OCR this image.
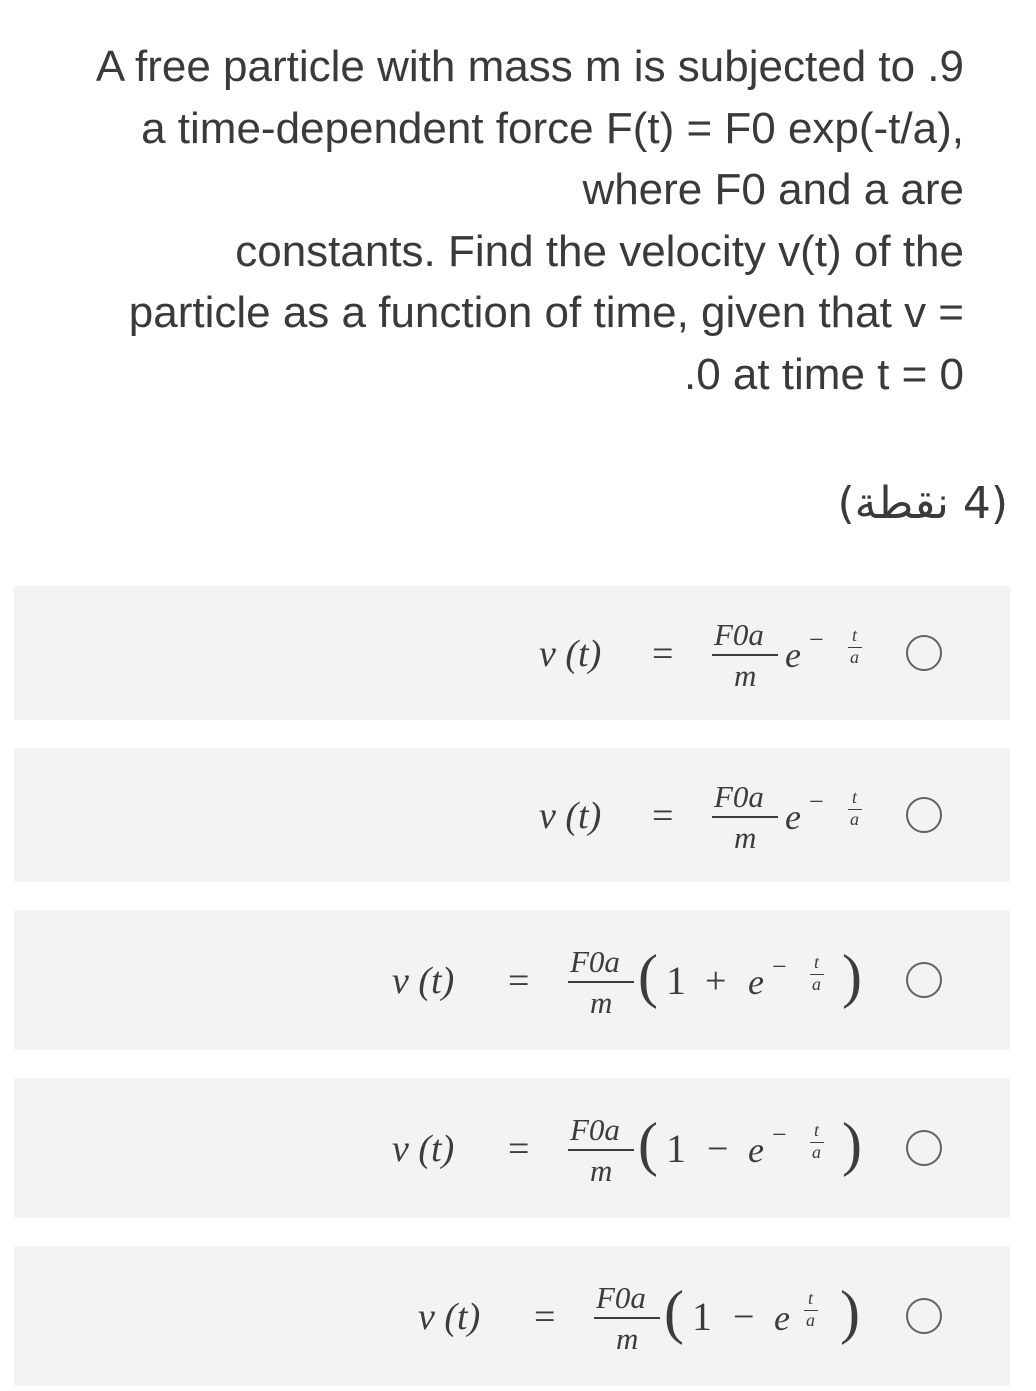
A free particle with mass m is subjected to .9
a time-dependent force F(t) = F0 exp(-t/a),
where F0 and a are
constants. Find the velocity v(t) of the
particle as a function of time, given that v =
.0 at time t = 0
(4 نقطة)
v (t) = F0a
m
e − t
a
v (t) = F0a
m
e − t
a
v (t) = F0a
m ( 1 + e − t
a )
v (t) = F0a
m ( 1 − e − t
a )
v (t) = F0a
m ( 1 − e t
a )
